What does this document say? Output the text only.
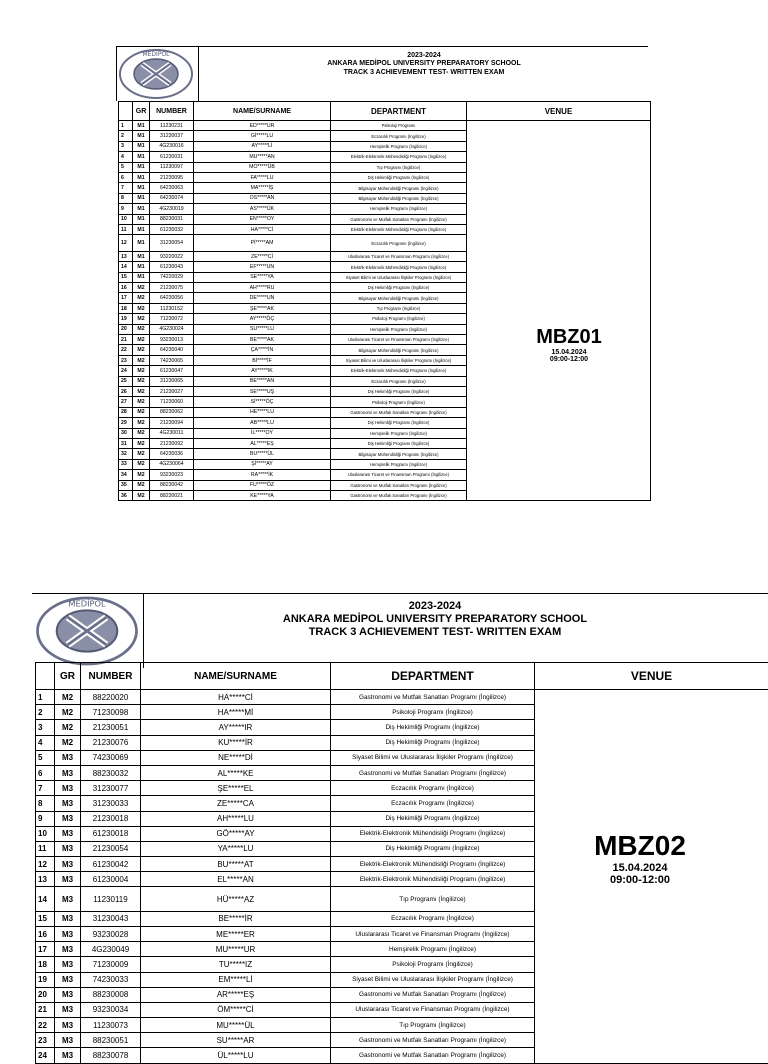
MEDİPOL	2023-2024
ANKARA MEDİPOL UNIVERSITY PREPARATORY SCHOOL
TRACK 3 ACHIEVEMENT TEST- WRITTEN EXAM
	GR	NUMBER	NAME/SURNAME	DEPARTMENT	VENUE
1	M1	11230231	ED*****UR	Psikoloji Programı	
2	M1	31230037	Gİ*****LU	Eczacılık Programı (İngilizce)	
3	M1	4G230016	AY*****Lİ	Hemşirelik Programı (İngilizce)	
4	M1	61230031	MU*****AN	Elektrik-Elektronik Mühendisliği Programı (İngilizce)	
5	M1	11230097	MO*****ÜB	Tıp Programı (İngilizce)	
6	M1	21230095	FA*****LU	Diş Hekimliği Programı (İngilizce)	
7	M1	64230063	MA*****İŞ	Bilgisayar Mühendisliği Programı (İngilizce)	
8	M1	64230074	OS*****AN	Bilgisayar Mühendisliği Programı (İngilizce)	
9	M1	4G230019	AS*****ÜK	Hemşirelik Programı (İngilizce)	
10	M1	88230031	EN*****OY	Gastronomi ve Mutfak Sanatları Programı (İngilizce)	
11	M1	61230032	HA*****Cİ	Elektrik-Elektronik Mühendisliği Programı (İngilizce)	
12	M1	31230054	Pİ*****AM	Eczacılık Programı (İngilizce)	
13	M1	93220022	ZE*****Cİ	Uluslararası Ticaret ve Finansman Programı (İngilizce)	
14	M1	61230043	EF*****UN	Elektrik-Elektronik Mühendisliği Programı (İngilizce)	
15	M1	74220029	SE*****YA	Siyaset Bilimi ve Uluslararası İlişkiler Programı (İngilizce)	
16	M2	21230075	AH*****RU	Diş Hekimliği Programı (İngilizce)	
17	M2	64230056	DE*****UN	Bilgisayar Mühendisliği Programı (İngilizce)	
18	M2	11230152	ŞE*****AK	Tıp Programı (İngilizce)	
19	M2	71230072	AY*****ÖÇ	Psikoloji Programı (İngilizce)	
20	M2	4G230024	SU*****LU	Hemşirelik Programı (İngilizce)	
21	M2	93230013	BE*****AK	Uluslararası Ticaret ve Finansman Programı (İngilizce)	
22	M2	64230040	ÇA*****İN	Bilgisayar Mühendisliği Programı (İngilizce)	
23	M2	74230065	Bİ*****İF	Siyaset Bilimi ve Uluslararası İlişkiler Programı (İngilizce)	
24	M2	61230047	AY*****IK	Elektrik-Elektronik Mühendisliği Programı (İngilizce)	
25	M2	31230065	BE*****AN	Eczacılık Programı (İngilizce)	
26	M2	21230027	SE*****UŞ	Diş Hekimliği Programı (İngilizce)	
27	M2	71230060	Sİ*****ÖÇ	Psikoloji Programı (İngilizce)	
28	M2	88230062	HE*****LU	Gastronomi ve Mutfak Sanatları Programı (İngilizce)	
29	M2	21230094	AB*****LU	Diş Hekimliği Programı (İngilizce)	
30	M2	4G230011	İL*****OY	Hemşirelik Programı (İngilizce)	
31	M2	21230092	AL*****EŞ	Diş Hekimliği Programı (İngilizce)	
32	M2	64230036	BU*****ÜL	Bilgisayar Mühendisliği Programı (İngilizce)	
33	M2	4G230064	Şİ*****AY	Hemşirelik Programı (İngilizce)	
34	M2	93230023	RA*****İK	Uluslararası Ticaret ve Finansman Programı (İngilizce)	
35	M2	88230042	FU*****ÖZ	Gastronomi ve Mutfak Sanatları Programı (İngilizce)	
36	M2	88230021	KE*****YA	Gastronomi ve Mutfak Sanatları Programı (İngilizce)	
MBZ01
15.04.2024
09:00-12:00
MEDİPOL	2023-2024
ANKARA MEDİPOL UNIVERSITY PREPARATORY SCHOOL
TRACK 3 ACHIEVEMENT TEST- WRITTEN EXAM
	GR	NUMBER	NAME/SURNAME	DEPARTMENT	VENUE
1	M2	88220020	HA*****Cİ	Gastronomi ve Mutfak Sanatları Programı (İngilizce)	
2	M2	71230098	HA*****Mİ	Psikoloji Programı (İngilizce)	
3	M2	21230051	AY*****IR	Diş Hekimliği Programı (İngilizce)	
4	M2	21230076	KU*****İR	Diş Hekimliği Programı (İngilizce)	
5	M3	74230069	NE*****Dİ	Siyaset Bilimi ve Uluslararası İlişkiler Programı (İngilizce)	
6	M3	88230032	AL*****KE	Gastronomi ve Mutfak Sanatları Programı (İngilizce)	
7	M3	31230077	ŞE*****EL	Eczacılık Programı (İngilizce)	
8	M3	31230033	ZE*****CA	Eczacılık Programı (İngilizce)	
9	M3	21230018	AH*****LU	Diş Hekimliği Programı (İngilizce)	
10	M3	61230018	GÖ*****AY	Elektrik-Elektronik Mühendisliği Programı (İngilizce)	
11	M3	21230054	YA*****LU	Diş Hekimliği Programı (İngilizce)	
12	M3	61230042	BU*****AT	Elektrik-Elektronik Mühendisliği Programı (İngilizce)	
13	M3	61230004	EL*****AN	Elektrik-Elektronik Mühendisliği Programı (İngilizce)	
14	M3	11230119	HÜ*****AZ	Tıp Programı (İngilizce)	
15	M3	31230043	BE*****İR	Eczacılık Programı (İngilizce)	
16	M3	93230028	ME*****ER	Uluslararası Ticaret ve Finansman Programı (İngilizce)	
17	M3	4G230049	MU*****UR	Hemşirelik Programı (İngilizce)	
18	M3	71230009	TU*****IZ	Psikoloji Programı (İngilizce)	
19	M3	74230033	EM*****Lİ	Siyaset Bilimi ve Uluslararası İlişkiler Programı (İngilizce)	
20	M3	88230008	AR*****EŞ	Gastronomi ve Mutfak Sanatları Programı (İngilizce)	
21	M3	93230034	ÖM*****Cİ	Uluslararası Ticaret ve Finansman Programı (İngilizce)	
22	M3	11230073	MU*****ÜL	Tıp Programı (İngilizce)	
23	M3	88230051	SU*****AR	Gastronomi ve Mutfak Sanatları Programı (İngilizce)	
24	M3	88230078	ÜL*****LU	Gastronomi ve Mutfak Sanatları Programı (İngilizce)	
MBZ02
15.04.2024
09:00-12:00
